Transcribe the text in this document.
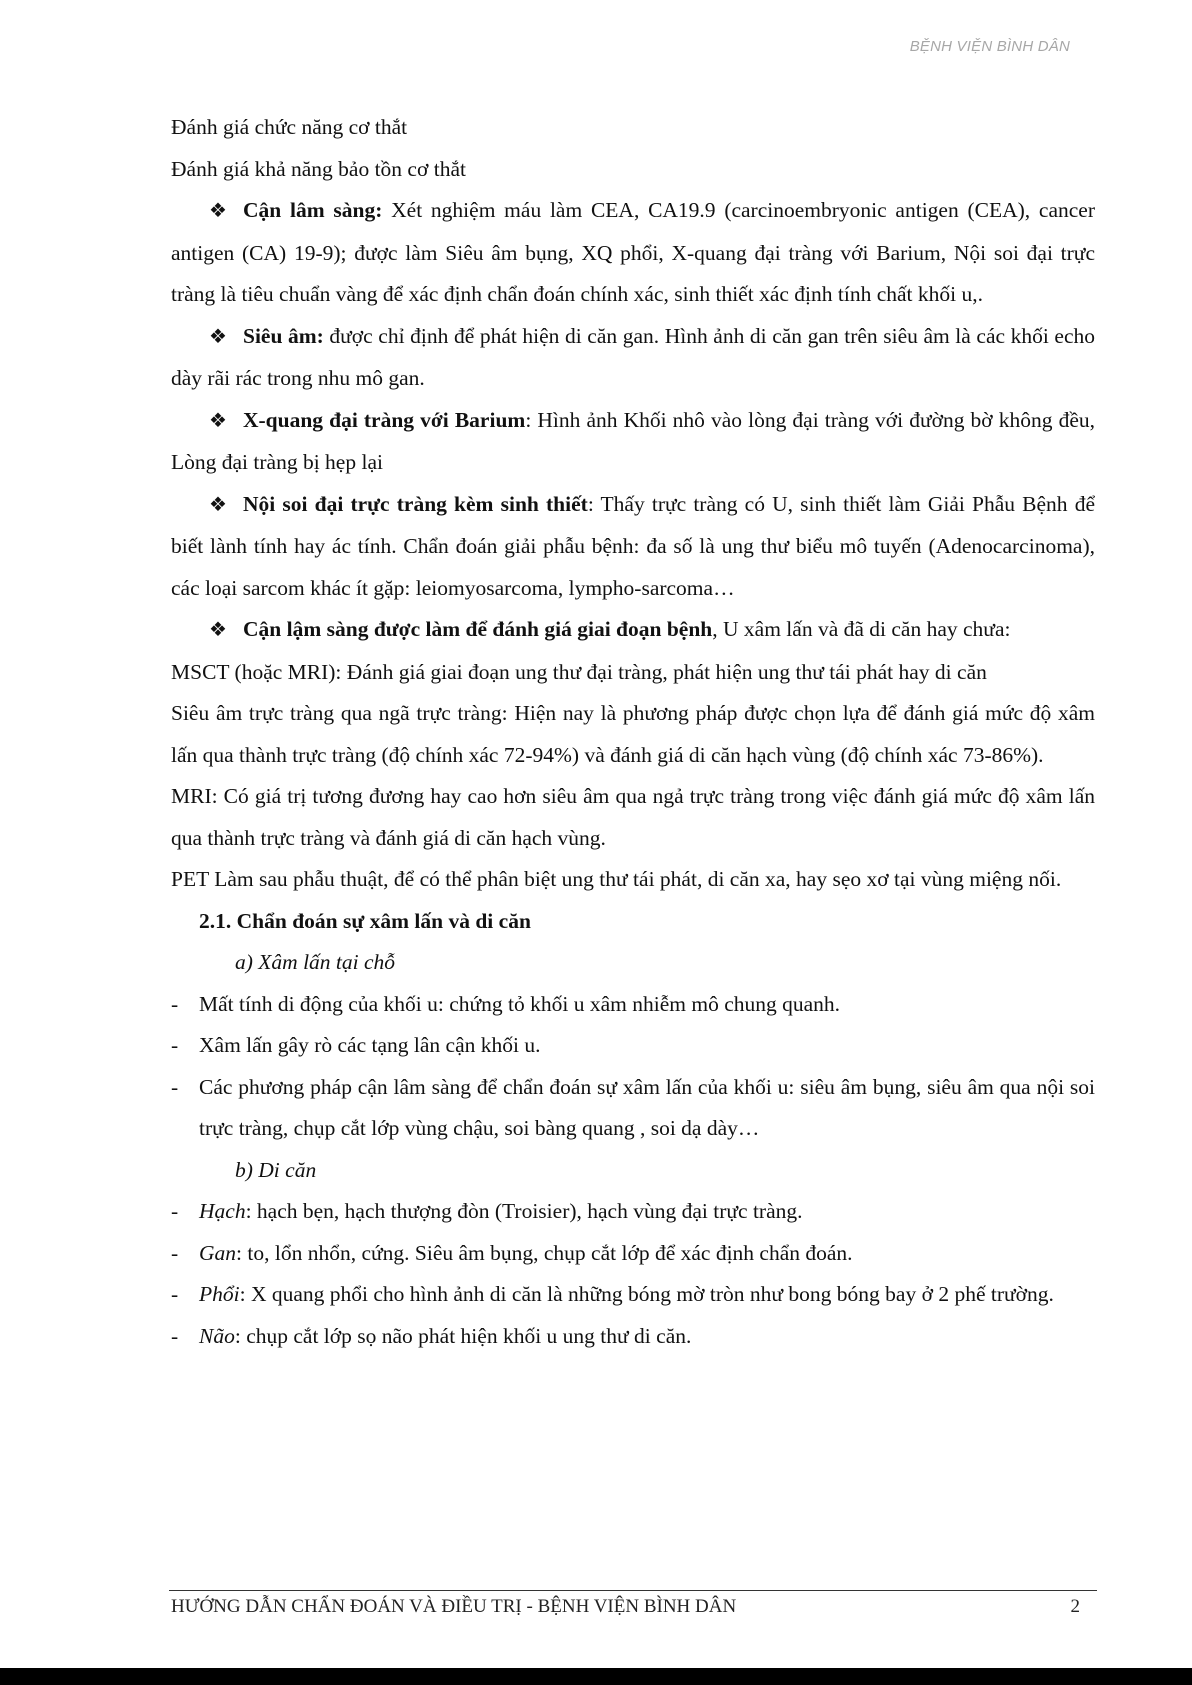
BỆNH VIỆN BÌNH DÂN

Đánh giá chức năng cơ thắt

Đánh giá khả năng bảo tồn cơ thắt

❖ Cận lâm sàng: Xét nghiệm máu làm CEA, CA19.9 (carcinoembryonic antigen (CEA), cancer antigen (CA) 19-9); được làm Siêu âm bụng, XQ phổi, X-quang đại tràng với Barium, Nội soi đại trực tràng là tiêu chuẩn vàng để xác định chẩn đoán chính xác, sinh thiết xác định tính chất khối u,.

❖ Siêu âm: được chỉ định để phát hiện di căn gan. Hình ảnh di căn gan trên siêu âm là các khối echo dày rãi rác trong nhu mô gan.

❖ X-quang đại tràng với Barium: Hình ảnh Khối nhô vào lòng đại tràng với đường bờ không đều, Lòng đại tràng bị hẹp lại

❖ Nội soi đại trực tràng kèm sinh thiết: Thấy trực tràng có U, sinh thiết làm Giải Phẫu Bệnh để biết lành tính hay ác tính. Chẩn đoán giải phẫu bệnh: đa số là ung thư biểu mô tuyến (Adenocarcinoma), các loại sarcom khác ít gặp: leiomyosarcoma, lympho-sarcoma…

❖ Cận lậm sàng được làm để đánh giá giai đoạn bệnh, U xâm lấn và đã di căn hay chưa:

MSCT (hoặc MRI): Đánh giá giai đoạn ung thư đại tràng, phát hiện ung thư tái phát hay di căn

Siêu âm trực tràng qua ngã trực tràng: Hiện nay là phương pháp được chọn lựa để đánh giá mức độ xâm lấn qua thành trực tràng (độ chính xác 72-94%) và đánh giá di căn hạch vùng (độ chính xác 73-86%).

MRI: Có giá trị tương đương hay cao hơn siêu âm qua ngả trực tràng trong việc đánh giá mức độ xâm lấn qua thành trực tràng và đánh giá di căn hạch vùng.

PET Làm sau phẫu thuật, để có thể phân biệt ung thư tái phát, di căn xa, hay sẹo xơ tại vùng miệng nối.

2.1. Chẩn đoán sự xâm lấn và di căn

a) Xâm lấn tại chỗ

- Mất tính di động của khối u: chứng tỏ khối u xâm nhiễm mô chung quanh.
- Xâm lấn gây rò các tạng lân cận khối u.
- Các phương pháp cận lâm sàng để chẩn đoán sự xâm lấn của khối u: siêu âm bụng, siêu âm qua nội soi trực tràng, chụp cắt lớp vùng chậu, soi bàng quang , soi dạ dày…

b) Di căn

- Hạch: hạch bẹn, hạch thượng đòn (Troisier), hạch vùng đại trực tràng.
- Gan: to, lổn nhổn, cứng. Siêu âm bụng, chụp cắt lớp để xác định chẩn đoán.
- Phổi: X quang phổi cho hình ảnh di căn là những bóng mờ tròn như bong bóng bay ở 2 phế trường.
- Não: chụp cắt lớp sọ não phát hiện khối u ung thư di căn.
HƯỚNG DẪN CHẨN ĐOÁN VÀ ĐIỀU TRỊ - BỆNH VIỆN BÌNH DÂN	2
